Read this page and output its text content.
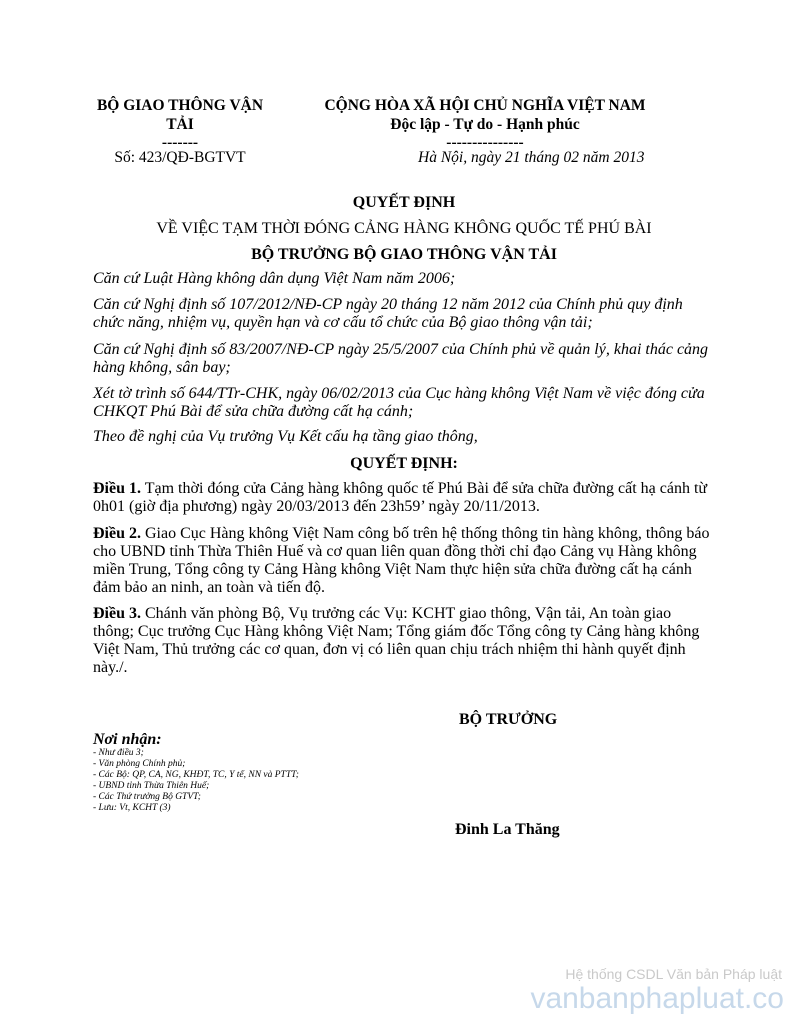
BỘ GIAO THÔNG VẬN
TẢI
-------
Số: 423/QĐ-BGTVT
CỘNG HÒA XÃ HỘI CHỦ NGHĨA VIỆT NAM
Độc lập - Tự do - Hạnh phúc
---------------
Hà Nội, ngày 21 tháng 02 năm 2013
QUYẾT ĐỊNH
VỀ VIỆC TẠM THỜI ĐÓNG CẢNG HÀNG KHÔNG QUỐC TẾ PHÚ BÀI
BỘ TRƯỞNG BỘ GIAO THÔNG VẬN TẢI
Căn cứ Luật Hàng không dân dụng Việt Nam năm 2006;
Căn cứ Nghị định số 107/2012/NĐ-CP ngày 20 tháng 12 năm 2012 của Chính phủ quy định chức năng, nhiệm vụ, quyền hạn và cơ cấu tổ chức của Bộ giao thông vận tải;
Căn cứ Nghị định số 83/2007/NĐ-CP ngày 25/5/2007 của Chính phủ về quản lý, khai thác cảng hàng không, sân bay;
Xét tờ trình số 644/TTr-CHK, ngày 06/02/2013 của Cục hàng không Việt Nam về việc đóng cửa CHKQT Phú Bài để sửa chữa đường cất hạ cánh;
Theo đề nghị của Vụ trưởng Vụ Kết cấu hạ tầng giao thông,
QUYẾT ĐỊNH:
Điều 1. Tạm thời đóng cửa Cảng hàng không quốc tế Phú Bài để sửa chữa đường cất hạ cánh từ 0h01 (giờ địa phương) ngày 20/03/2013 đến 23h59’ ngày 20/11/2013.
Điều 2. Giao Cục Hàng không Việt Nam công bố trên hệ thống thông tin hàng không, thông báo cho UBND tỉnh Thừa Thiên Huế và cơ quan liên quan đồng thời chỉ đạo Cảng vụ Hàng không miền Trung, Tổng công ty Cảng Hàng không Việt Nam thực hiện sửa chữa đường cất hạ cánh đảm bảo an ninh, an toàn và tiến độ.
Điều 3. Chánh văn phòng Bộ, Vụ trưởng các Vụ: KCHT giao thông, Vận tải, An toàn giao thông; Cục trưởng Cục Hàng không Việt Nam; Tổng giám đốc Tổng công ty Cảng hàng không Việt Nam, Thủ trưởng các cơ quan, đơn vị có liên quan chịu trách nhiệm thi hành quyết định này./.
BỘ TRƯỞNG
Đinh La Thăng
Nơi nhận:
- Như điều 3;
- Văn phòng Chính phủ;
- Các Bộ: QP, CA, NG, KHĐT, TC, Y tế, NN và PTTT;
- UBND tỉnh Thừa Thiên Huế;
- Các Thứ trưởng Bộ GTVT;
- Lưu: Vt, KCHT (3)
Hệ thống CSDL Văn bản Pháp luật
vanbanphapluat.co
